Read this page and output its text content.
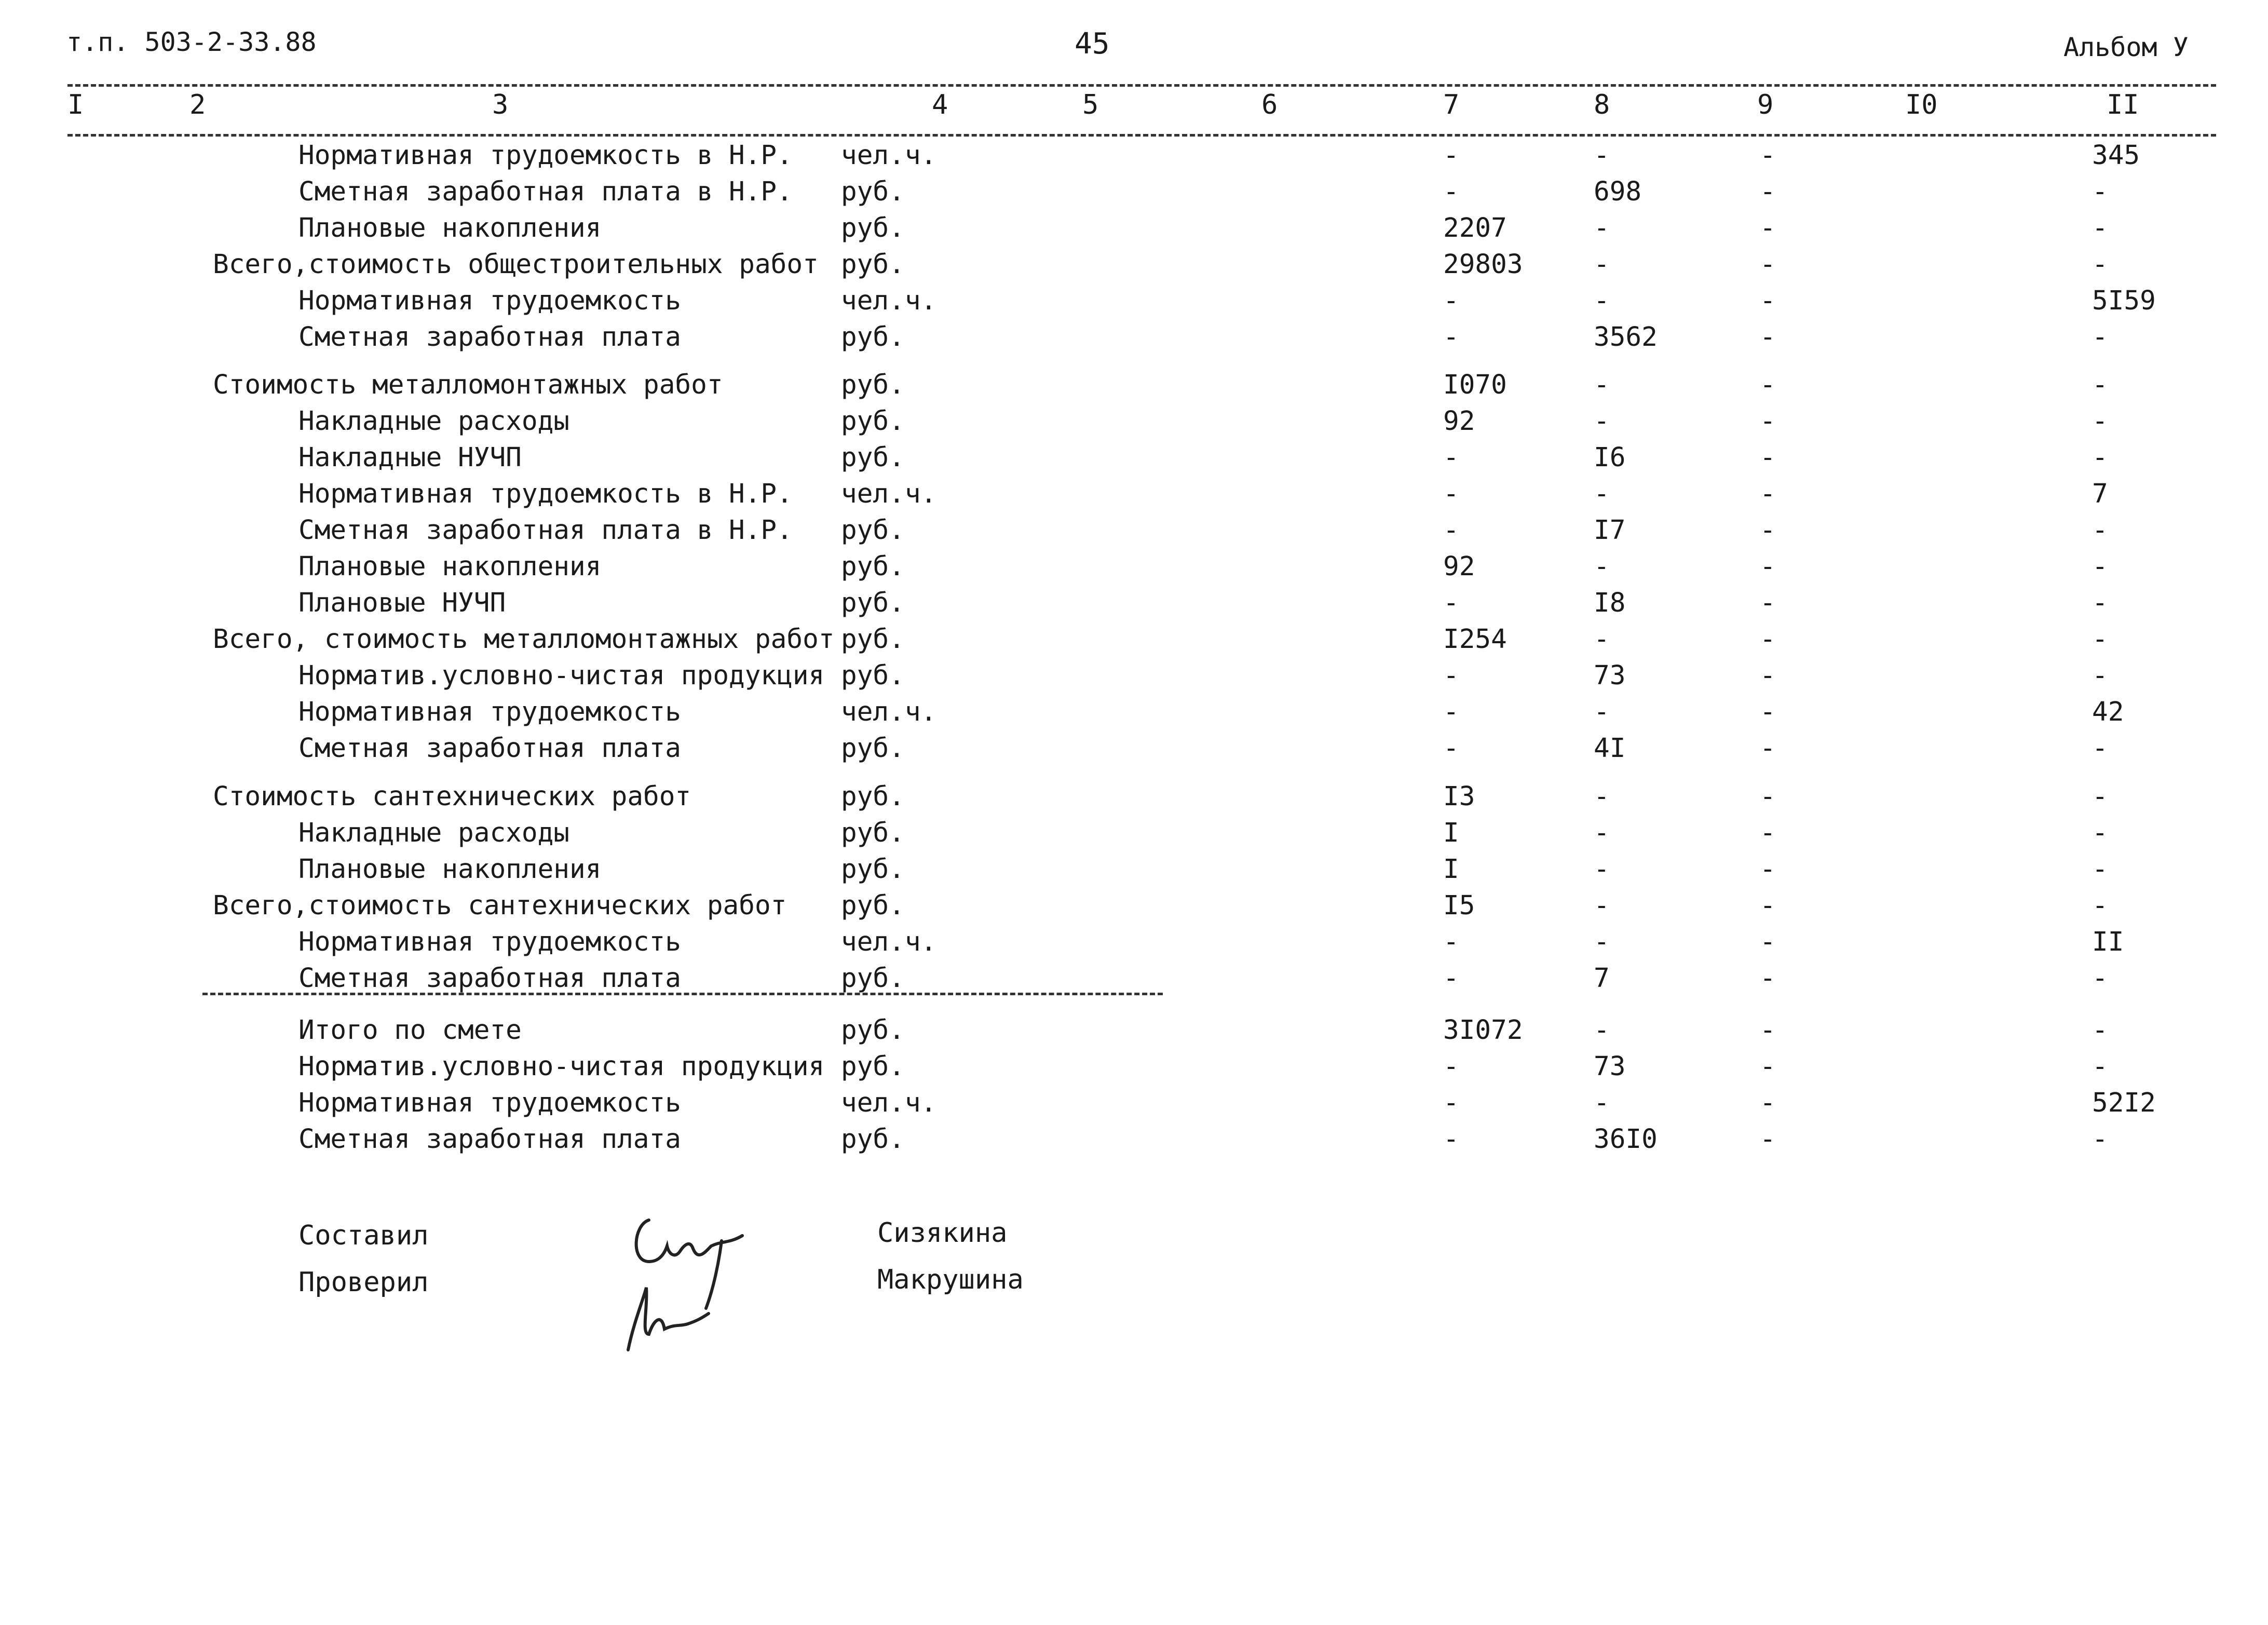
т.п. 503-2-33.88	45	Альбом У
I	2	3	4	5	6	7	8	9	I0	II
Нормативная трудоемкость в Н.Р. чел.ч.	-	-	-	345
Сметная заработная плата в Н.Р. руб.	-	698	-	-
Плановые накопления	руб.	2207	-	-	-
Всего,стоимость общестроительных работ руб.	29803	-	-	-
Нормативная трудоемкость	чел.ч.	-	-	-	5I59
Сметная заработная плата	руб.	-	3562	-	-
Стоимость металломонтажных работ	руб.	I070	-	-	-
Накладные расходы	руб.	92	-	-	-
Накладные НУЧП	руб.	-	I6	-	-
Нормативная трудоемкость в Н.Р. чел.ч.	-	-	-	7
Сметная заработная плата в Н.Р. руб.	-	I7	-	-
Плановые накопления	руб.	92	-	-	-
Плановые НУЧП	руб.	-	I8	-	-
Всего, стоимость металломонтажных работ руб.	I254	-	-	-
Норматив.условно-чистая продукция руб.	-	73	-	-
Нормативная трудоемкость	чел.ч.	-	-	-	42
Сметная заработная плата	руб.	-	4I	-	-
Стоимость сантехнических работ	руб.	I3	-	-	-
Накладные расходы	руб.	I	-	-	-
Плановые накопления	руб.	I	-	-	-
Всего,стоимость сантехнических работ руб.	I5	-	-	-
Нормативная трудоемкость	чел.ч.	-	-	-	II
Сметная заработная плата	руб.	-	7	-	-
Итого по смете	руб.	3I072	-	-	-
Норматив.условно-чистая продукция руб.	-	73	-	-
Нормативная трудоемкость	чел.ч.	-	-	-	52I2
Сметная заработная плата	руб.	-	36I0	-	-
Составил	Сизякина
Проверил	Макрушина
